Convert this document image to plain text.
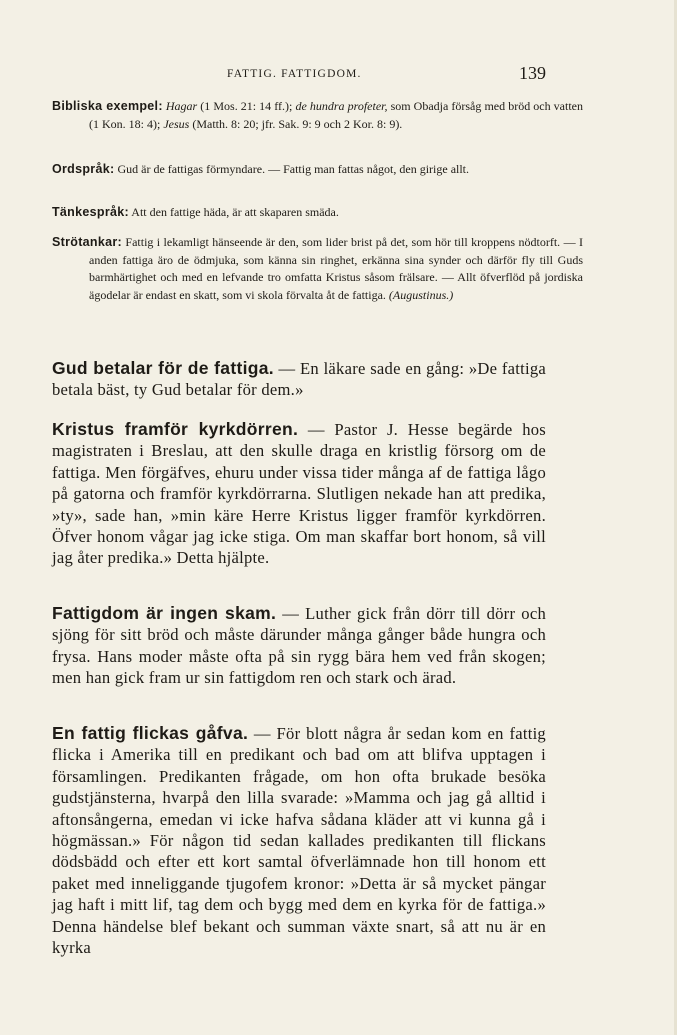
FATTIG. FATTIGDOM.	139
Bibliska exempel: Hagar (1 Mos. 21: 14 ff.); de hundra profeter, som Obadja försåg med bröd och vatten (1 Kon. 18: 4); Jesus (Matth. 8: 20; jfr. Sak. 9: 9 och 2 Kor. 8: 9).
Ordspråk: Gud är de fattigas förmyndare. — Fattig man fattas något, den girige allt.
Tänkespråk: Att den fattige häda, är att skaparen smäda.
Strötankar: Fattig i lekamligt hänseende är den, som lider brist på det, som hör till kroppens nödtorft. — I anden fattiga äro de ödmjuka, som känna sin ringhet, erkänna sina synder och därför fly till Guds barmhärtighet och med en lefvande tro omfatta Kristus såsom frälsare. — Allt öfverflöd på jordiska ägodelar är endast en skatt, som vi skola förvalta åt de fattiga. (Augustinus.)

Gud betalar för de fattiga. — En läkare sade en gång: »De fattiga betala bäst, ty Gud betalar för dem.»

Kristus framför kyrkdörren. — Pastor J. Hesse begärde hos magistraten i Breslau, att den skulle draga en kristlig försorg om de fattiga. Men förgäfves, ehuru under vissa tider många af de fattiga lågo på gatorna och framför kyrkdörrarna. Slutligen nekade han att predika, »ty», sade han, »min käre Herre Kristus ligger framför kyrkdörren. Öfver honom vågar jag icke stiga. Om man skaffar bort honom, så vill jag åter predika.» Detta hjälpte.

Fattigdom är ingen skam. — Luther gick från dörr till dörr och sjöng för sitt bröd och måste därunder många gånger både hungra och frysa. Hans moder måste ofta på sin rygg bära hem ved från skogen; men han gick fram ur sin fattigdom ren och stark och ärad.

En fattig flickas gåfva. — För blott några år sedan kom en fattig flicka i Amerika till en predikant och bad om att blifva upptagen i församlingen. Predikanten frågade, om hon ofta brukade besöka gudstjänsterna, hvarpå den lilla svarade: »Mamma och jag gå alltid i aftonsångerna, emedan vi icke hafva sådana kläder att vi kunna gå i högmässan.» För någon tid sedan kallades predikanten till flickans dödsbädd och efter ett kort samtal öfverlämnade hon till honom ett paket med inneliggande tjugofem kronor: »Detta är så mycket pängar jag haft i mitt lif, tag dem och bygg med dem en kyrka för de fattiga.» Denna händelse blef bekant och summan växte snart, så att nu är en kyrka
